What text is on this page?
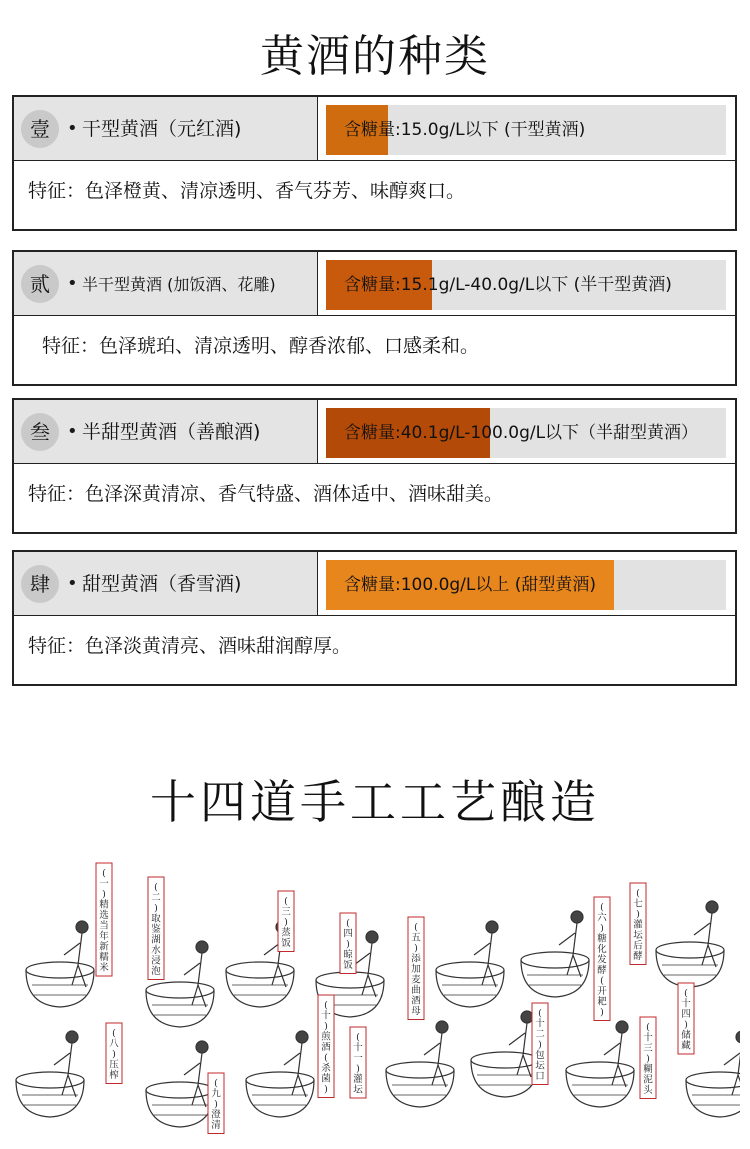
黄酒的种类
壹 • 干型黄酒（元红酒)	含糖量:15.0g/L以下 (干型黄酒)
特征：色泽橙黄、清凉透明、香气芬芳、味醇爽口。
贰 • 半干型黄酒 (加饭酒、花雕)	含糖量:15.1g/L-40.0g/L以下 (半干型黄酒)
特征：色泽琥珀、清凉透明、醇香浓郁、口感柔和。
叁 • 半甜型黄酒（善酿酒)	含糖量:40.1g/L-100.0g/L以下（半甜型黄酒）
特征：色泽深黄清凉、香气特盛、酒体适中、酒味甜美。
肆 • 甜型黄酒（香雪酒)	含糖量:100.0g/L以上 (甜型黄酒)
特征：色泽淡黄清亮、酒味甜润醇厚。
十四道手工工艺酿造
(
一
)
精
选
当
年
新
糯
米
(
二
)
取
鉴
湖
水
浸
泡
(
三
)
蒸
饭
(
四
)
晾
饭
(
五
)
添
加
麦
曲
酒
母
(
六
)
糖
化
发
酵
(
开
耙
)
(
七
)
灌
坛
后
酵
(
八
)
压
榨
(
九
)
澄
清
(
十
)
煎
酒
(
杀
菌
)
(
十
一
)
灌
坛
(
十
二
)
包
坛
口
(
十
三
)
糊
泥
头
(
十
四
)
储
藏
